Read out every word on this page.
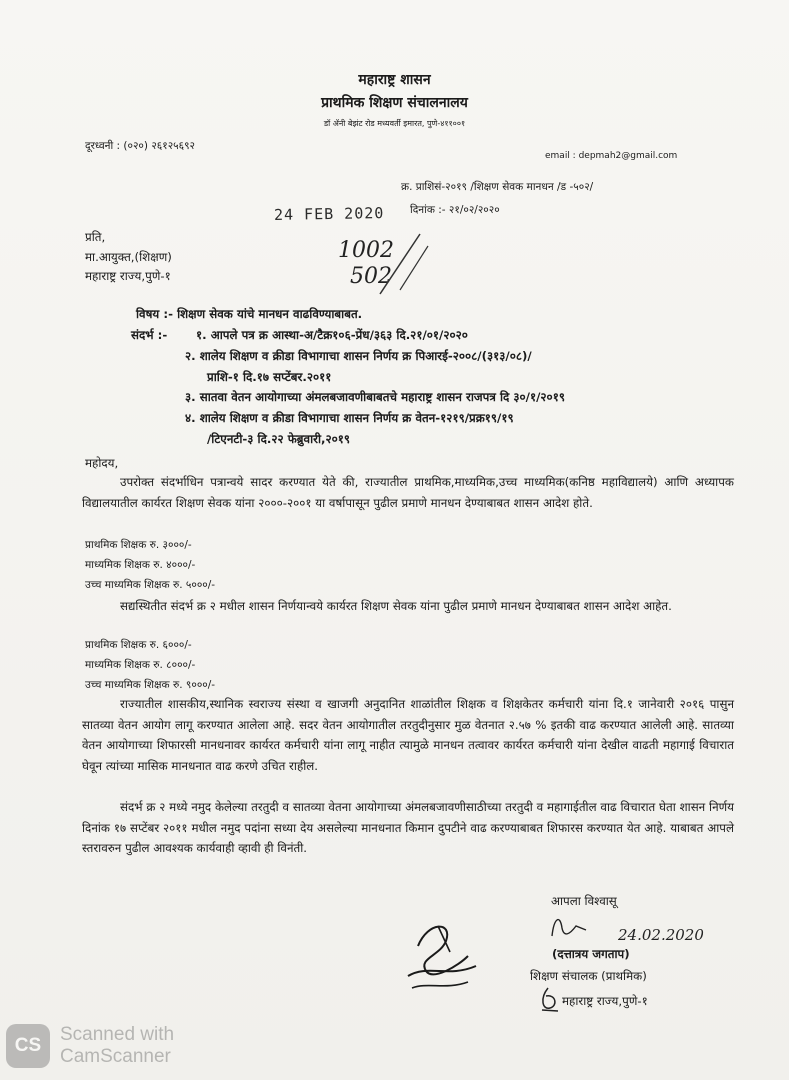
महाराष्ट्र शासन
प्राथमिक शिक्षण संचालनालय
डॉ ॲनी बेझंट रोड मध्यवर्ती इमारत, पुणे-४११००१
दूरध्वनी : (०२०) २६१२५६९२
email : depmah2@gmail.com
क्र. प्राशिसं-२०१९ /शिक्षण सेवक मानधन /ड -५०२/
दिनांक :- २१/०२/२०२०
24 FEB 2020
1002
502
प्रति,
मा.आयुक्त,(शिक्षण)
महाराष्ट्र राज्य,पुणे-१
विषय :- शिक्षण सेवक यांचे मानधन वाढविण्याबाबत.
संदर्भ :- १. आपले पत्र क्र आस्था-अ/टैक्र१०६-प्रेंध/३६३ दि.२१/०१/२०२०
२. शालेय शिक्षण व क्रीडा विभागाचा शासन निर्णय क्र पिआरई-२००८/(३१३/०८)/
प्राशि-१ दि.१७ सप्टेंबर.२०११
३. सातवा वेतन आयोगाच्या अंमलबजावणीबाबतचे महाराष्ट्र शासन राजपत्र दि ३०/१/२०१९
४. शालेय शिक्षण व क्रीडा विभागाचा शासन निर्णय क्र वेतन-१२१९/प्रक्र१९/१९
/टिएनटी-३ दि.२२ फेब्रुवारी,२०१९
महोदय,
उपरोक्त संदर्भाधिन पत्रान्वये सादर करण्यात येते की, राज्यातील प्राथमिक,माध्यमिक,उच्च माध्यमिक(कनिष्ठ महाविद्यालये) आणि अध्यापक विद्यालयातील कार्यरत शिक्षण सेवक यांना २०००-२००१ या वर्षापासून पुढील प्रमाणे मानधन देण्याबाबत शासन आदेश होते.
प्राथमिक शिक्षक रु. ३०००/-
माध्यमिक शिक्षक रु. ४०००/-
उच्च माध्यमिक शिक्षक रु. ५०००/-
सद्यस्थितीत संदर्भ क्र २ मधील शासन निर्णयान्वये कार्यरत शिक्षण सेवक यांना पुढील प्रमाणे मानधन देण्याबाबत शासन आदेश आहेत.
प्राथमिक शिक्षक रु. ६०००/-
माध्यमिक शिक्षक रु. ८०००/-
उच्च माध्यमिक शिक्षक रु. ९०००/-
राज्यातील शासकीय,स्थानिक स्वराज्य संस्था व खाजगी अनुदानित शाळांतील शिक्षक व शिक्षकेतर कर्मचारी यांना दि.१ जानेवारी २०१६ पासुन सातव्या वेतन आयोग लागू करण्यात आलेला आहे. सदर वेतन आयोगातील तरतुदीनुसार मुळ वेतनात २.५७ % इतकी वाढ करण्यात आलेली आहे. सातव्या वेतन आयोगाच्या शिफारसी मानधनावर कार्यरत कर्मचारी यांना लागू नाहीत त्यामुळे मानधन तत्वावर कार्यरत कर्मचारी यांना देखील वाढती महागाई विचारात घेवून त्यांच्या मासिक मानधनात वाढ करणे उचित राहील.
संदर्भ क्र २ मध्ये नमुद केलेल्या तरतुदी व सातव्या वेतना आयोगाच्या अंमलबजावणीसाठीच्या तरतुदी व महागाईतील वाढ विचारात घेता शासन निर्णय दिनांक १७ सप्टेंबर २०११ मधील नमुद पदांना सध्या देय असलेल्या मानधनात किमान दुपटीने वाढ करण्याबाबत शिफारस करण्यात येत आहे. याबाबत आपले स्तरावरुन पुढील आवश्यक कार्यवाही व्हावी ही विनंती.
आपला विश्वासू
24.02.2020
(दत्तात्रय जगताप)
शिक्षण संचालक (प्राथमिक)
महाराष्ट्र राज्य,पुणे-१
CS
Scanned with
CamScanner
